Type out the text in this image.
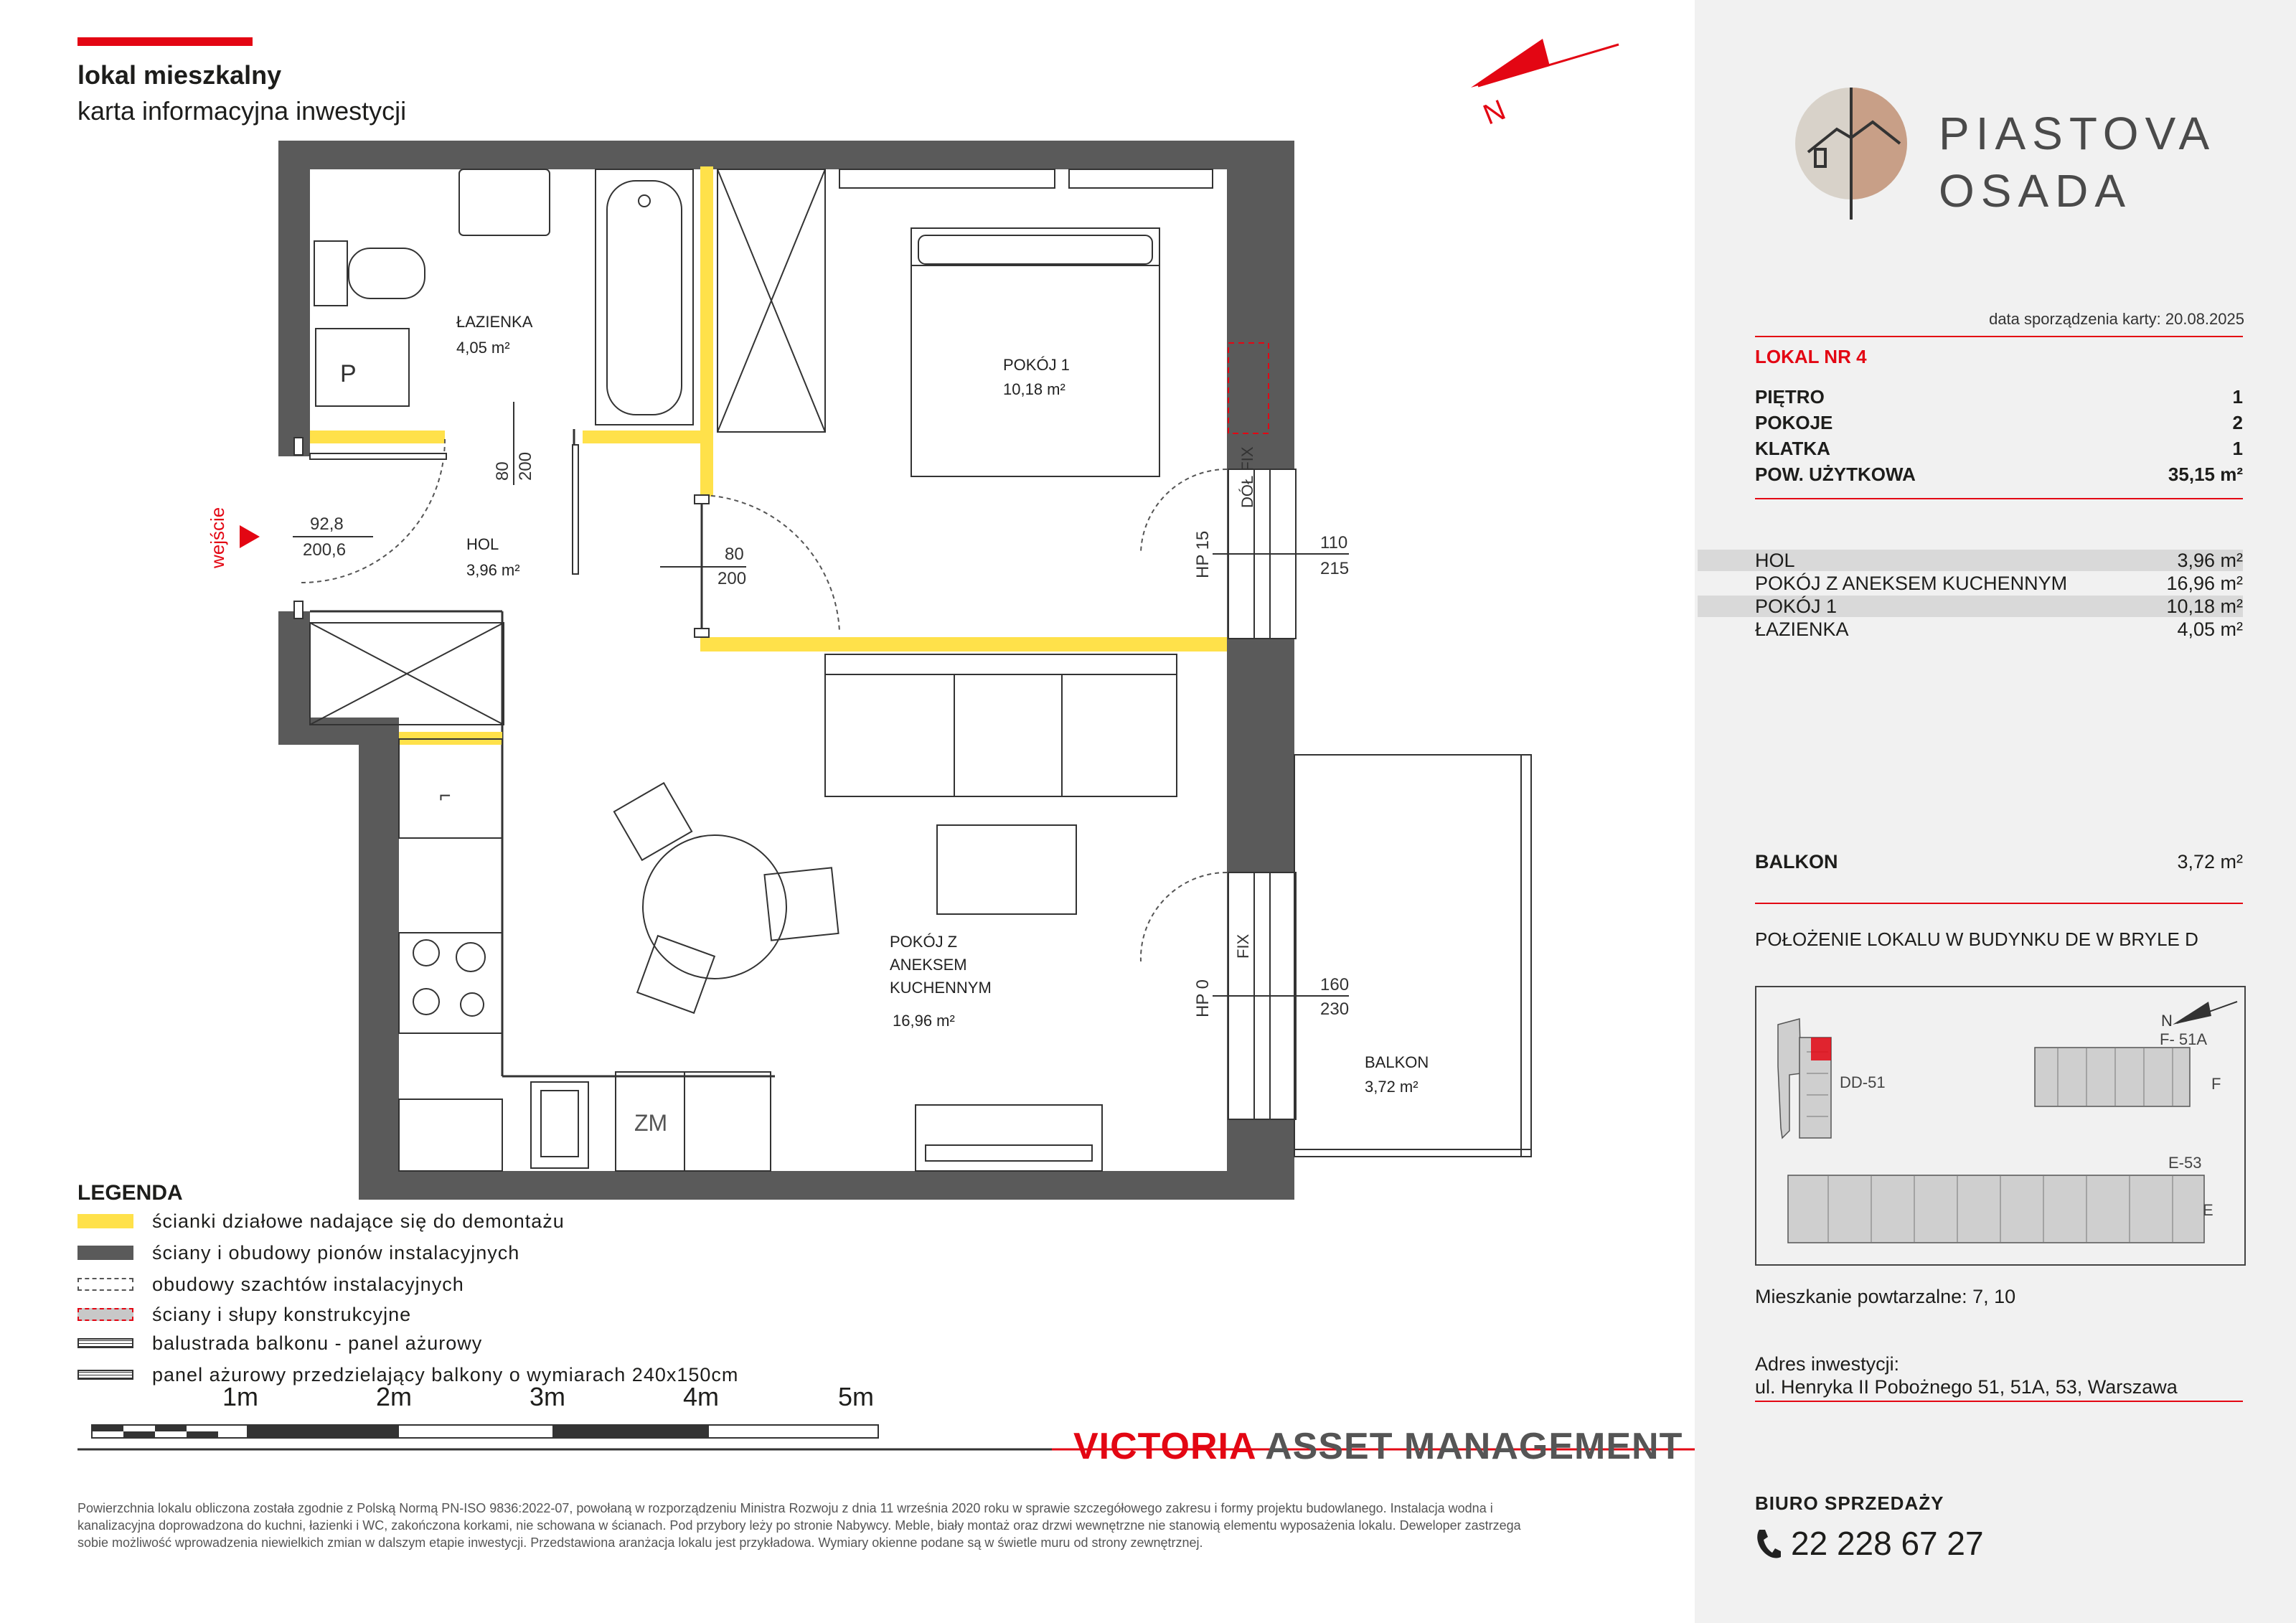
lokal mieszkalny
karta informacyjna inwestycji	N
P
⌐
ZM
wejście	92,8
200,6
80 200
80
200
110
215
160
230
HP 15
HP 0
DÓŁ FIX
FIX
ŁAZIENKA
4,05 m²
POKÓJ 1
10,18 m²
HOL
3,96 m²
POKÓJ Z
ANEKSEM
KUCHENNYM
16,96 m²
BALKON
3,72 m²
1m	2m	3m	4m	5m
LEGENDA
ścianki działowe nadające się do demontażu
ściany i obudowy pionów instalacyjnych
obudowy szachtów instalacyjnych
ściany i słupy konstrukcyjne
balustrada balkonu - panel ażurowy
panel ażurowy przedzielający balkony o wymiarach 240x150cm
VICTORIA ASSET MANAGEMENT
Powierzchnia lokalu obliczona została zgodnie z Polską Normą PN-ISO 9836:2022-07, powołaną w rozporządzeniu Ministra Rozwoju z dnia 11 września 2020 roku w sprawie szczegółowego zakresu i formy projektu budowlanego. Instalacja wodna i kanalizacyjna doprowadzona do kuchni, łazienki i WC, zakończona korkami, nie schowana w ścianach. Pod przybory leży po stronie Nabywcy. Meble, biały montaż oraz drzwi wewnętrzne nie stanowią elementu wyposażenia lokalu. Deweloper zastrzega sobie możliwość wprowadzenia niewielkich zmian w dalszym etapie inwestycji. Przedstawiona aranżacja lokalu jest przykładowa. Wymiary okienne podane są w świetle muru od strony zewnętrznej.
PIASTOVA
OSADA
data sporządzenia karty: 20.08.2025
LOKAL NR 4
PIĘTRO	1
POKOJE	2
KLATKA	1
POW. UŻYTKOWA	35,15 m²
HOL	3,96 m²
POKÓJ Z ANEKSEM KUCHENNYM	16,96 m²
POKÓJ 1	10,18 m²
ŁAZIENKA	4,05 m²
BALKON	3,72 m²
POŁOŻENIE LOKALU W BUDYNKU DE W BRYLE D
N
DD-51
F- 51A
F
E-53
E
Mieszkanie powtarzalne: 7, 10
Adres inwestycji:
ul. Henryka II Pobożnego 51, 51A, 53, Warszawa
BIURO SPRZEDAŻY
22 228 67 27
